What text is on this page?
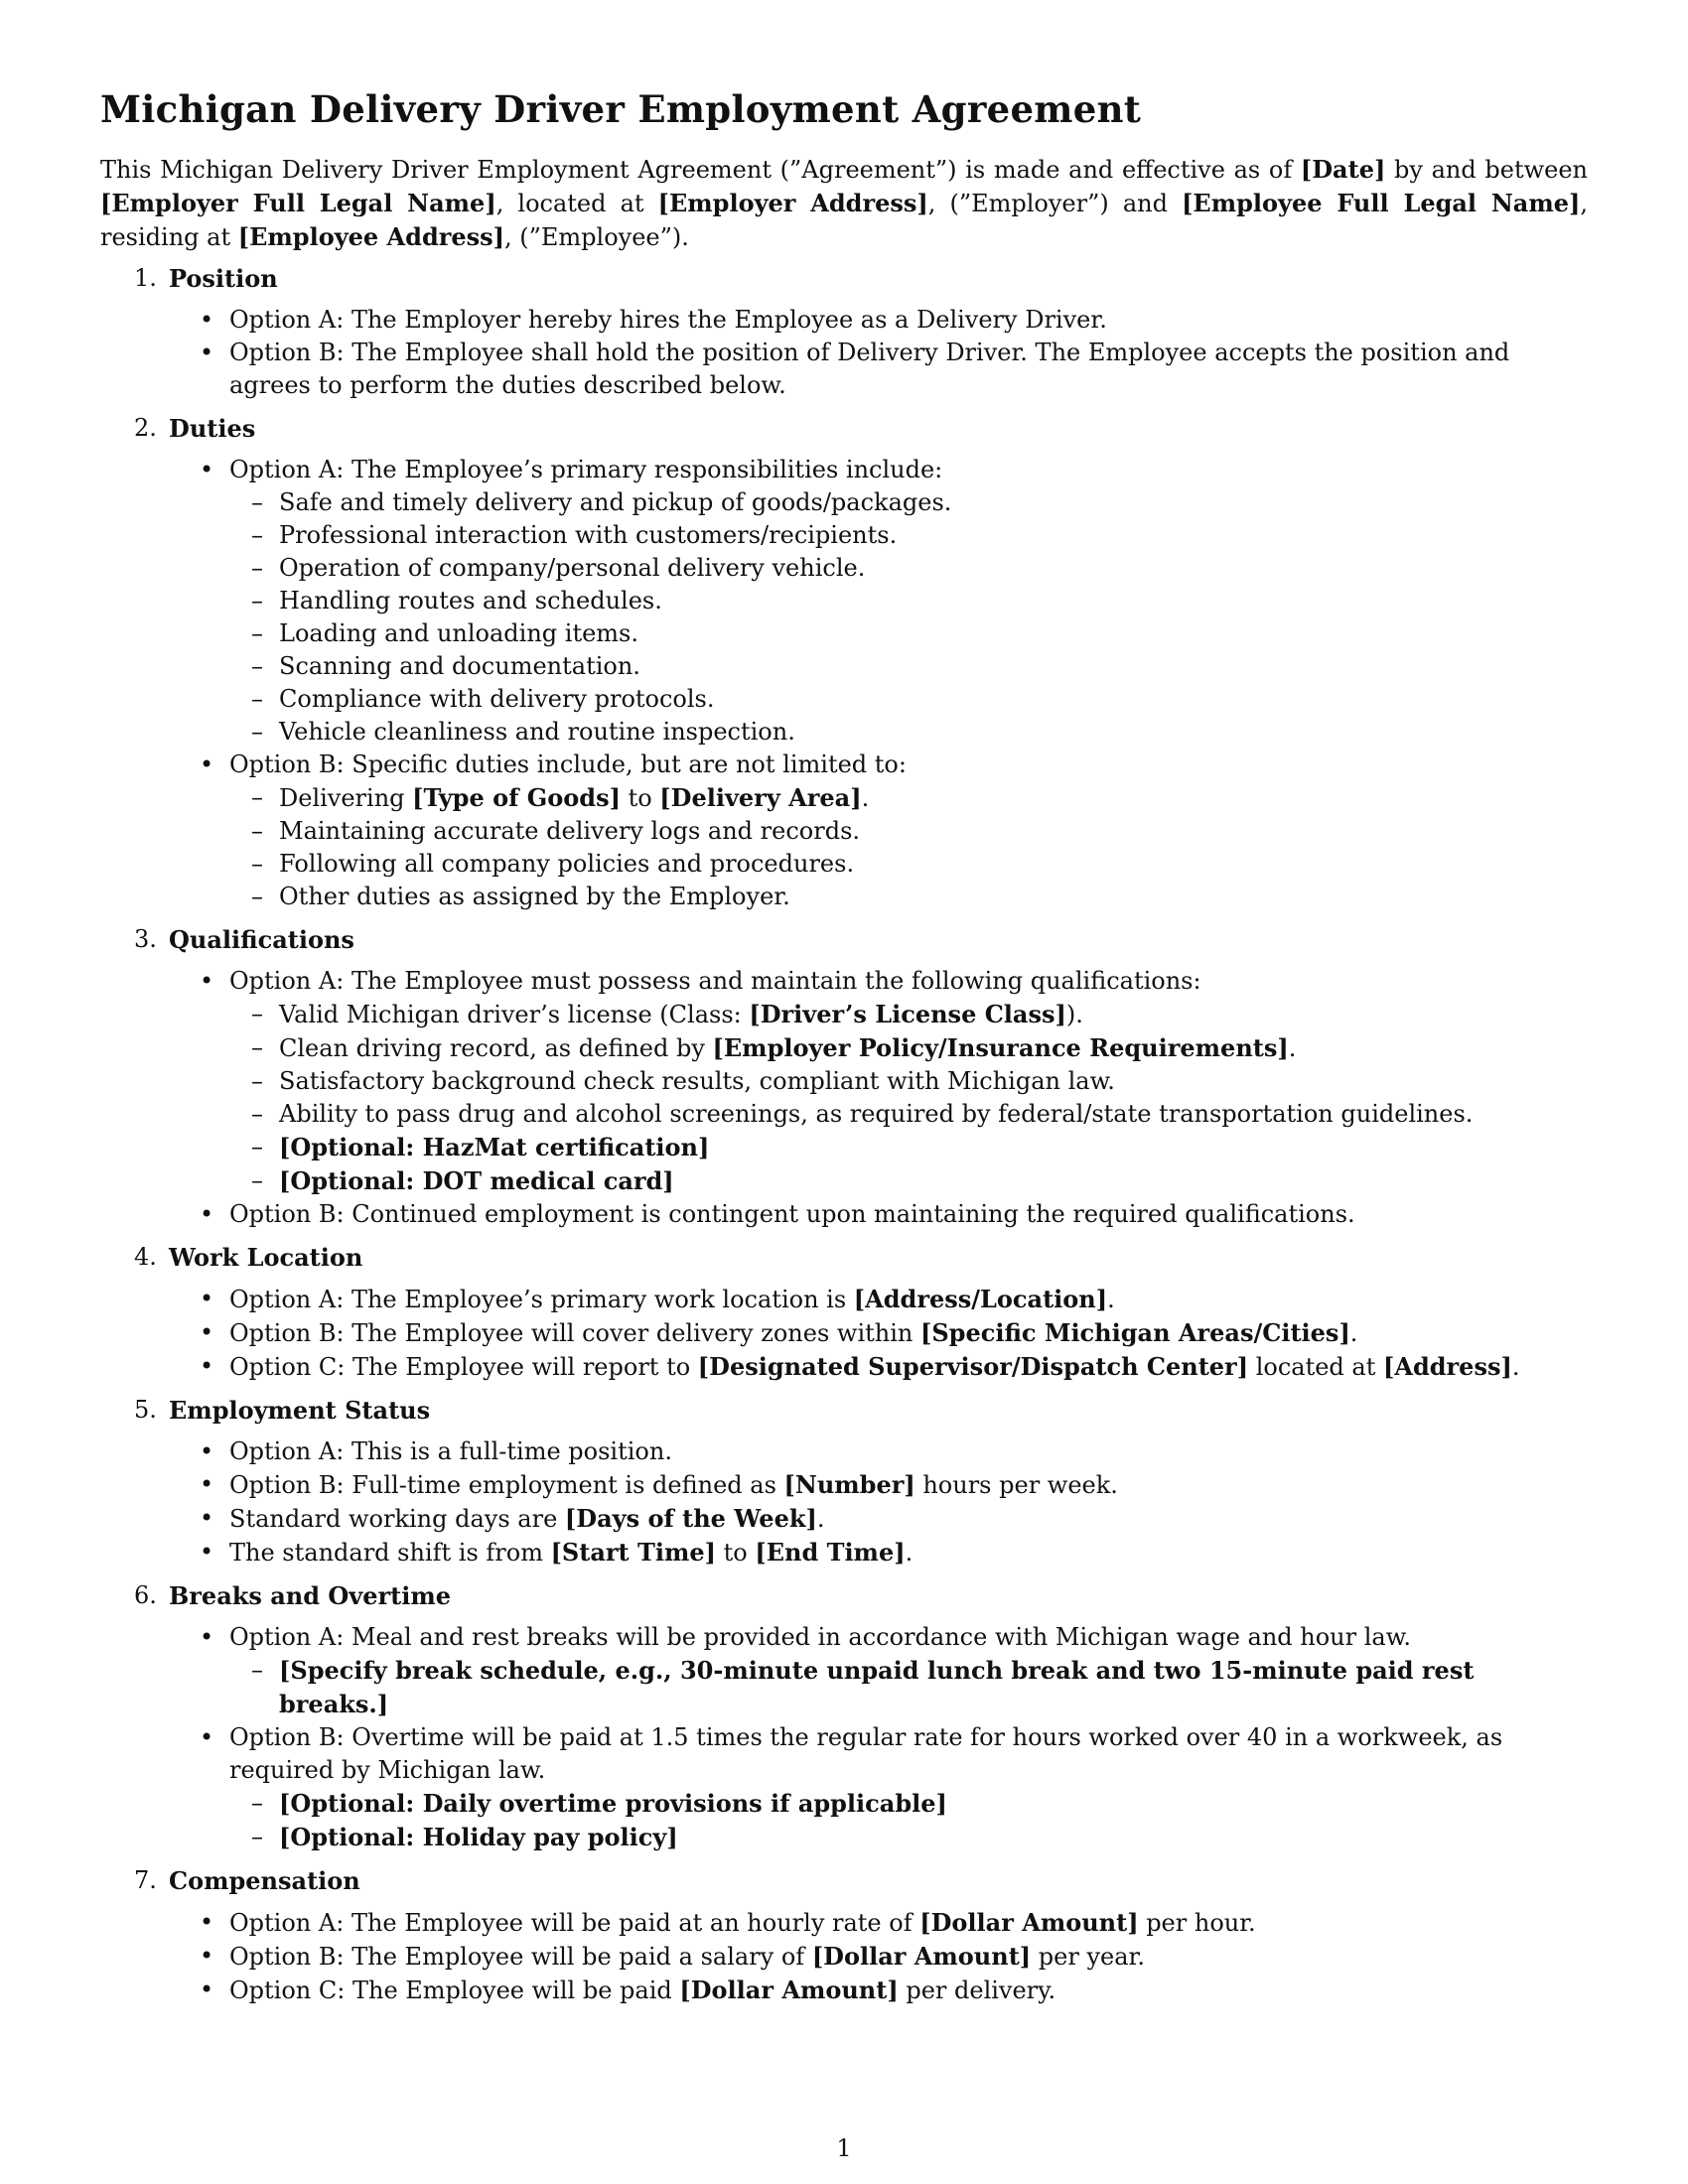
Michigan Delivery Driver Employment Agreement

This Michigan Delivery Driver Employment Agreement (”Agreement”) is made and effective as of [Date] by and between [Employer Full Legal Name], located at [Employer Address], (”Employer”) and [Employee Full Legal Name], residing at [Employee Address], (”Employee”).

1. Position
• Option A: The Employer hereby hires the Employee as a Delivery Driver.
• Option B: The Employee shall hold the position of Delivery Driver. The Employee accepts the position and agrees to perform the duties described below.
2. Duties
• Option A: The Employee’s primary responsibilities include:
– Safe and timely delivery and pickup of goods/packages.
– Professional interaction with customers/recipients.
– Operation of company/personal delivery vehicle.
– Handling routes and schedules.
– Loading and unloading items.
– Scanning and documentation.
– Compliance with delivery protocols.
– Vehicle cleanliness and routine inspection.
• Option B: Specific duties include, but are not limited to:
– Delivering [Type of Goods] to [Delivery Area].
– Maintaining accurate delivery logs and records.
– Following all company policies and procedures.
– Other duties as assigned by the Employer.
3. Qualifications
• Option A: The Employee must possess and maintain the following qualifications:
– Valid Michigan driver’s license (Class: [Driver’s License Class]).
– Clean driving record, as defined by [Employer Policy/Insurance Requirements].
– Satisfactory background check results, compliant with Michigan law.
– Ability to pass drug and alcohol screenings, as required by federal/state transportation guidelines.
– [Optional: HazMat certification]
– [Optional: DOT medical card]
• Option B: Continued employment is contingent upon maintaining the required qualifications.
4. Work Location
• Option A: The Employee’s primary work location is [Address/Location].
• Option B: The Employee will cover delivery zones within [Specific Michigan Areas/Cities].
• Option C: The Employee will report to [Designated Supervisor/Dispatch Center] located at [Address].
5. Employment Status
• Option A: This is a full-time position.
• Option B: Full-time employment is defined as [Number] hours per week.
• Standard working days are [Days of the Week].
• The standard shift is from [Start Time] to [End Time].
6. Breaks and Overtime
• Option A: Meal and rest breaks will be provided in accordance with Michigan wage and hour law.
– [Specify break schedule, e.g., 30-minute unpaid lunch break and two 15-minute paid rest breaks.]
• Option B: Overtime will be paid at 1.5 times the regular rate for hours worked over 40 in a workweek, as required by Michigan law.
– [Optional: Daily overtime provisions if applicable]
– [Optional: Holiday pay policy]
7. Compensation
• Option A: The Employee will be paid at an hourly rate of [Dollar Amount] per hour.
• Option B: The Employee will be paid a salary of [Dollar Amount] per year.
• Option C: The Employee will be paid [Dollar Amount] per delivery.
1
